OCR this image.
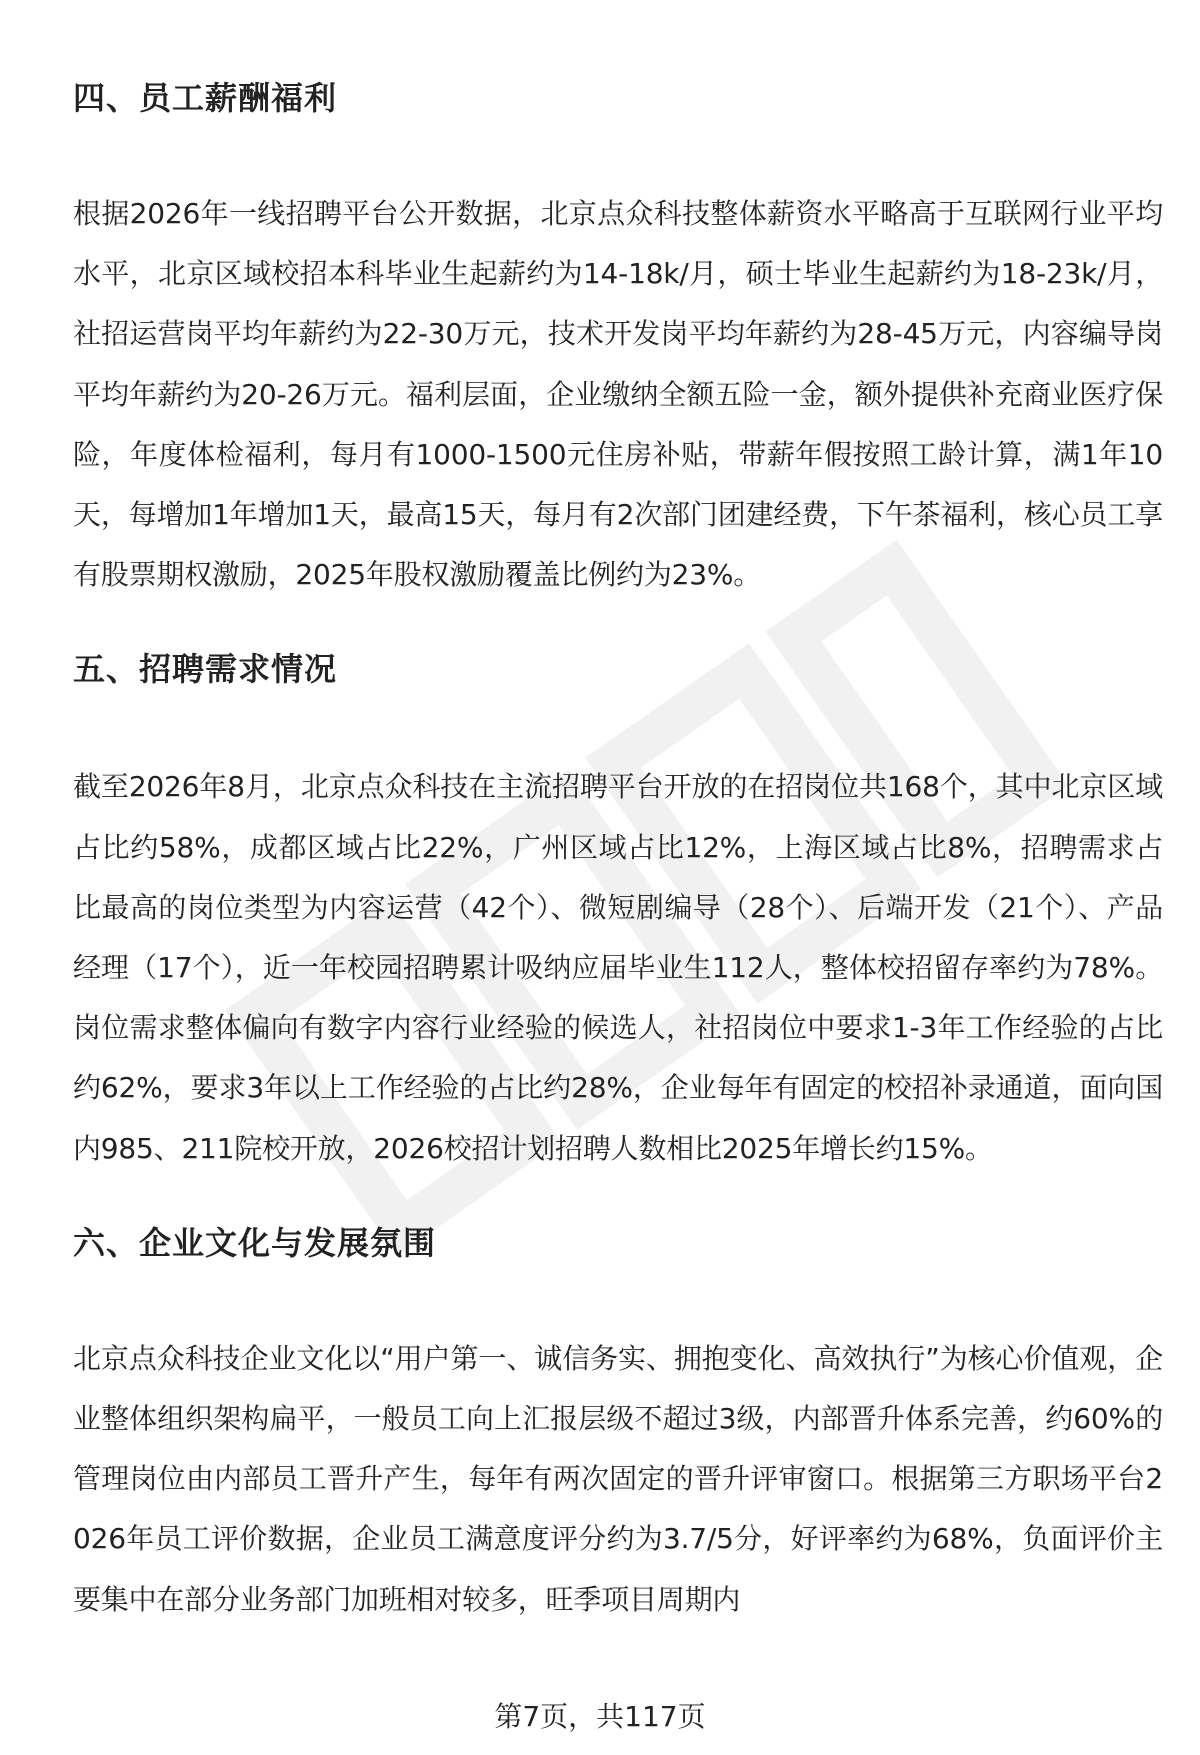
四、员工薪酬福利

根据2026年一线招聘平台公开数据，北京点众科技整体薪资水平略高于互联网行业平均水平，北京区域校招本科毕业生起薪约为14-18k/月，硕士毕业生起薪约为18-23k/月，社招运营岗平均年薪约为22-30万元，技术开发岗平均年薪约为28-45万元，内容编导岗平均年薪约为20-26万元。福利层面，企业缴纳全额五险一金，额外提供补充商业医疗保险，年度体检福利，每月有1000-1500元住房补贴，带薪年假按照工龄计算，满1年10天，每增加1年增加1天，最高15天，每月有2次部门团建经费，下午茶福利，核心员工享有股票期权激励，2025年股权激励覆盖比例约为23%。

五、招聘需求情况

截至2026年8月，北京点众科技在主流招聘平台开放的在招岗位共168个，其中北京区域占比约58%，成都区域占比22%，广州区域占比12%，上海区域占比8%，招聘需求占比最高的岗位类型为内容运营（42个）、微短剧编导（28个）、后端开发（21个）、产品经理（17个），近一年校园招聘累计吸纳应届毕业生112人，整体校招留存率约为78%。岗位需求整体偏向有数字内容行业经验的候选人，社招岗位中要求1-3年工作经验的占比约62%，要求3年以上工作经验的占比约28%，企业每年有固定的校招补录通道，面向国内985、211院校开放，2026校招计划招聘人数相比2025年增长约15%。

六、企业文化与发展氛围

北京点众科技企业文化以“用户第一、诚信务实、拥抱变化、高效执行”为核心价值观，企业整体组织架构扁平，一般员工向上汇报层级不超过3级，内部晋升体系完善，约60%的管理岗位由内部员工晋升产生，每年有两次固定的晋升评审窗口。根据第三方职场平台2026年员工评价数据，企业员工满意度评分约为3.7/5分，好评率约为68%，负面评价主要集中在部分业务部门加班相对较多，旺季项目周期内

第7页，共117页
